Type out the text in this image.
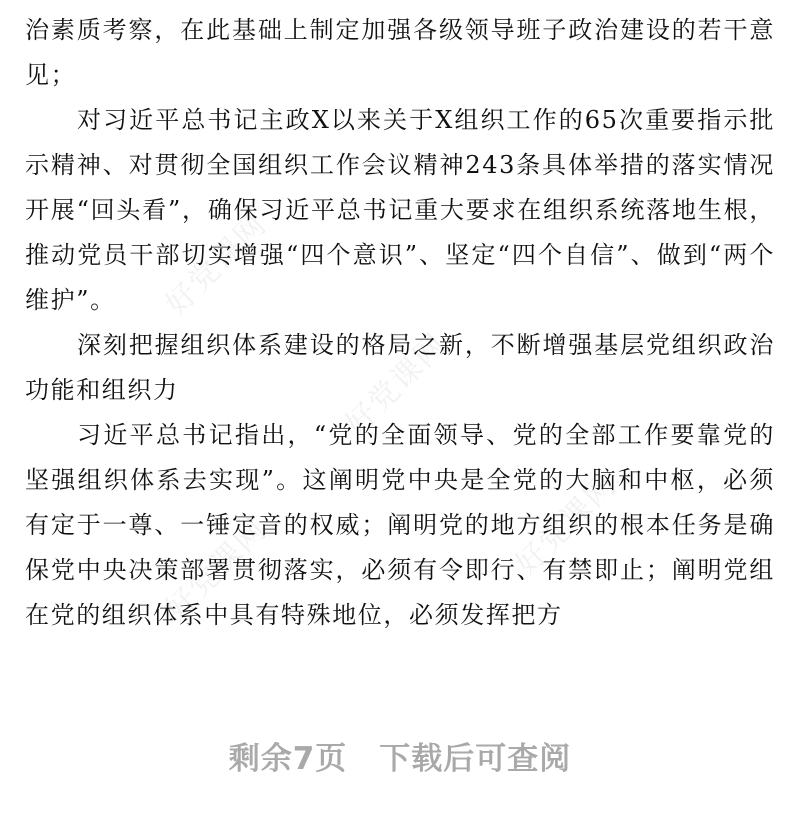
好党课网
好党课网
好党课网	好党课网

治素质考察，在此基础上制定加强各级领导班子政治建设的若干意见；

对习近平总书记主政X以来关于X组织工作的65次重要指示批示精神、对贯彻全国组织工作会议精神243条具体举措的落实情况开展“回头看”，确保习近平总书记重大要求在组织系统落地生根，推动党员干部切实增强“四个意识”、坚定“四个自信”、做到“两个维护”。

深刻把握组织体系建设的格局之新，不断增强基层党组织政治功能和组织力

习近平总书记指出，“党的全面领导、党的全部工作要靠党的坚强组织体系去实现”。这阐明党中央是全党的大脑和中枢，必须有定于一尊、一锤定音的权威；阐明党的地方组织的根本任务是确保党中央决策部署贯彻落实，必须有令即行、有禁即止；阐明党组在党的组织体系中具有特殊地位，必须发挥把方

剩余7页 下载后可查阅
